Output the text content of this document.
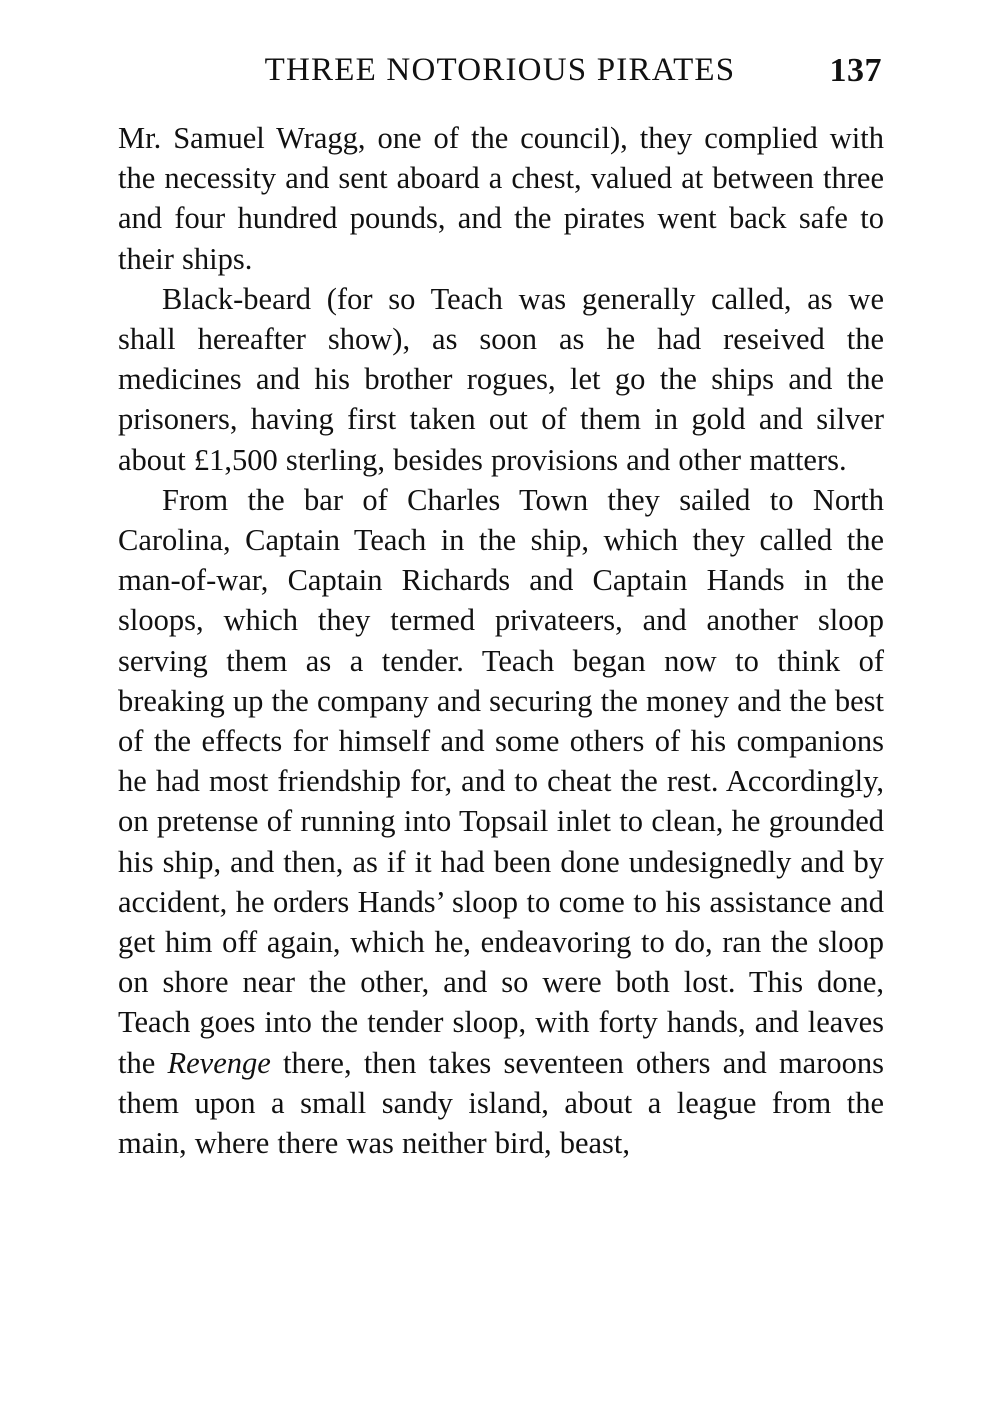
THREE NOTORIOUS PIRATES	137

Mr. Samuel Wragg, one of the council), they complied with the necessity and sent aboard a chest, valued at between three and four hundred pounds, and the pirates went back safe to their ships.

Black-beard (for so Teach was generally called, as we shall hereafter show), as soon as he had reseived the medicines and his brother rogues, let go the ships and the prisoners, having first taken out of them in gold and silver about £1,500 sterling, besides provisions and other matters.

From the bar of Charles Town they sailed to North Carolina, Captain Teach in the ship, which they called the man-of-war, Captain Richards and Captain Hands in the sloops, which they termed privateers, and another sloop serving them as a tender. Teach began now to think of breaking up the company and securing the money and the best of the effects for himself and some others of his companions he had most friendship for, and to cheat the rest. Accordingly, on pretense of running into Topsail inlet to clean, he grounded his ship, and then, as if it had been done undesignedly and by accident, he orders Hands’ sloop to come to his assistance and get him off again, which he, endeavoring to do, ran the sloop on shore near the other, and so were both lost. This done, Teach goes into the tender sloop, with forty hands, and leaves the Revenge there, then takes seventeen others and maroons them upon a small sandy island, about a league from the main, where there was neither bird, beast,
